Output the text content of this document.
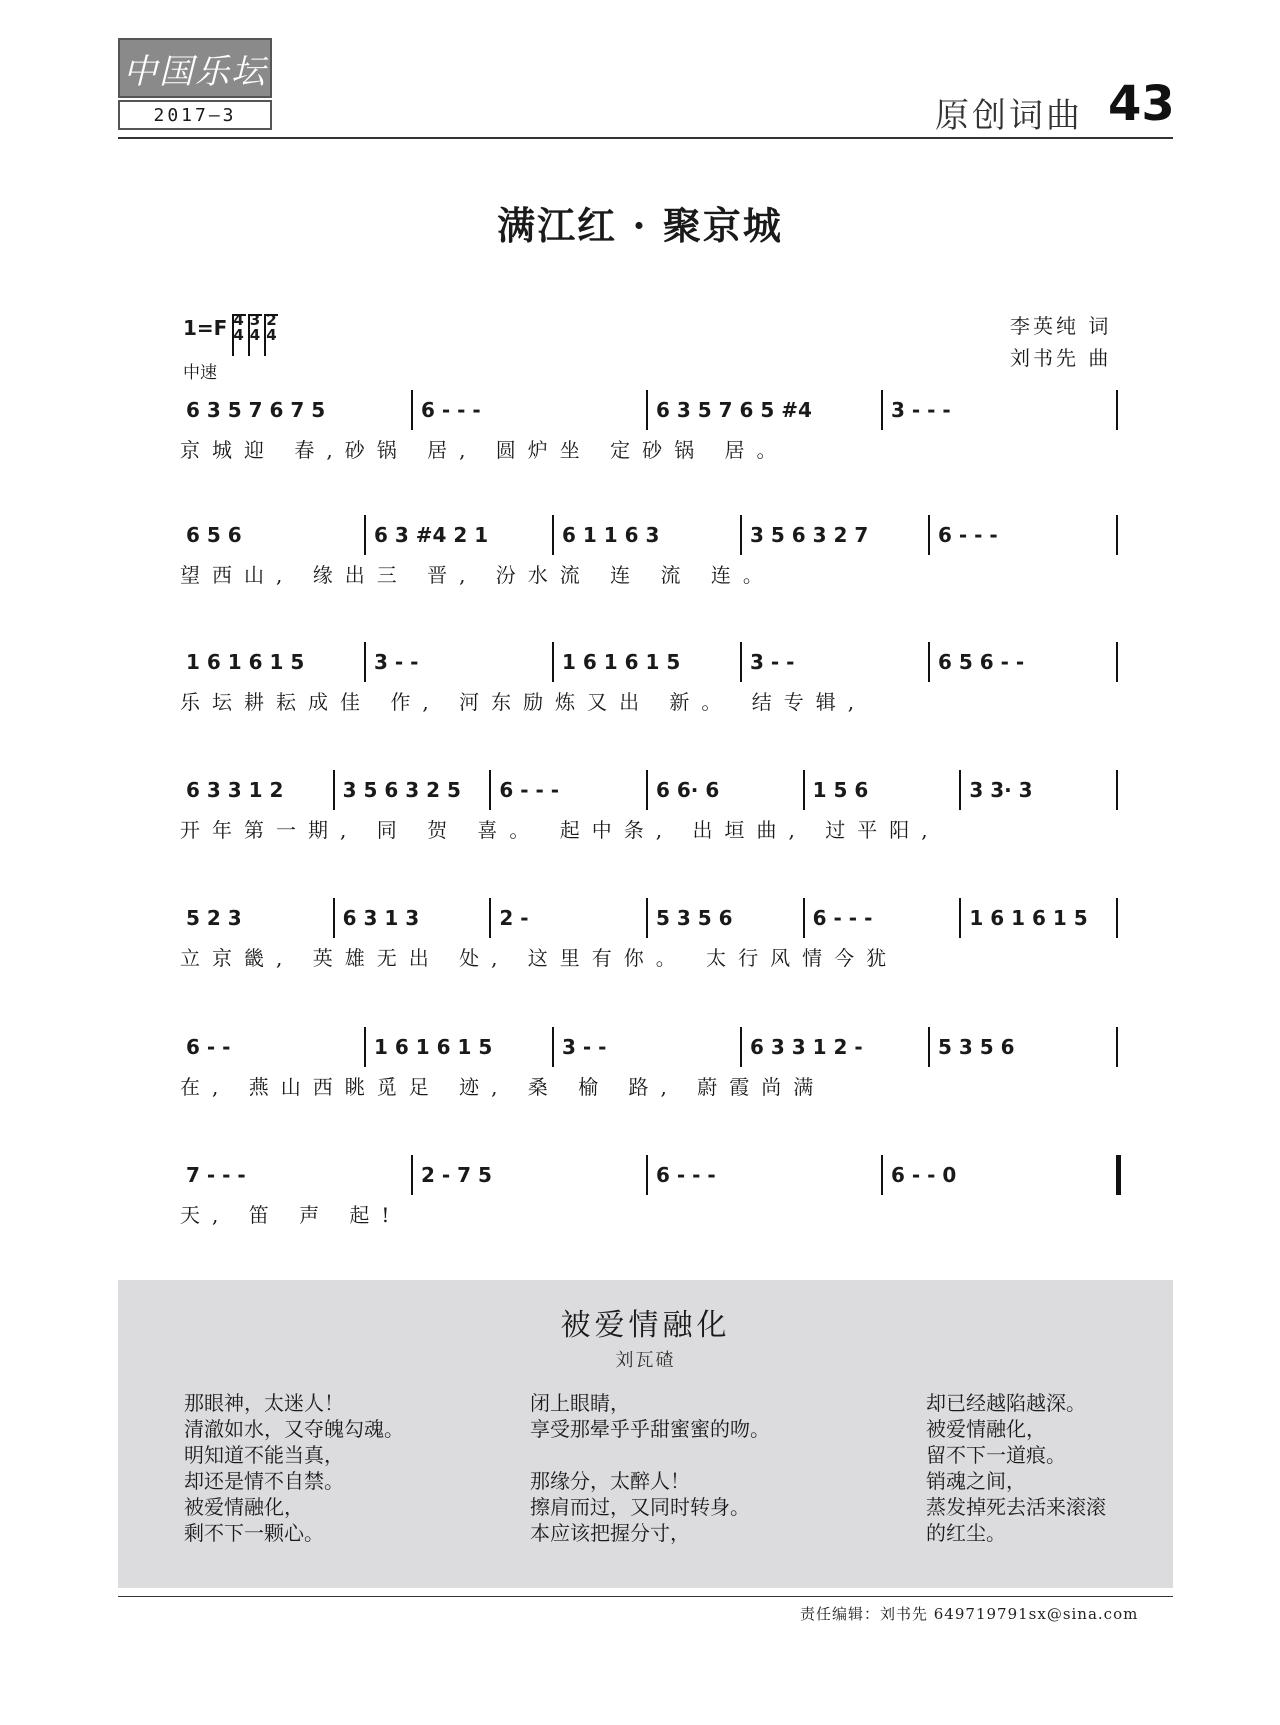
中国乐坛
2017—3	原创词曲 43
满江红 · 聚京城
1=F 4
4
3
4
2
4
中速
李英纯 词
刘书先 曲
6 3 5 7 6 7 5	6 - - -	6 3 5 7 6 5 #4	3 - - -
京城迎 春,砂锅 居, 圆炉坐 定砂锅 居。
6 5 6	6 3 #4 2 1	6 1 1 6 3	3 5 6 3 2 7	6 - - -
望西山, 缘出三 晋, 汾水流 连 流 连。
1 6 1 6 1 5	3 - -	1 6 1 6 1 5	3 - -	6 5 6 - -
乐坛耕耘成佳 作, 河东励炼又出 新。 结专辑,
6 3 3 1 2	3 5 6 3 2 5 6 - - -	6 6· 6	1 5 6	3 3· 3
开年第一期, 同 贺 喜。 起中条, 出垣曲, 过平阳,
5 2 3	6 3 1 3	2 -	5 3 5 6	6 - - -	1 6 1 6 1 5
立京畿, 英雄无出 处, 这里有你。 太行风情今犹
6 - -	1 6 1 6 1 5	3 - -	6 3 3 1 2 -	5 3 5 6
在, 燕山西眺觅足 迹, 桑 榆 路, 蔚霞尚满
7 - - -	2 - 7 5	6 - - -	6 - - 0
天, 笛 声 起!
被爱情融化
刘瓦碴
那眼神，太迷人！
清澈如水，又夺魄勾魂。
明知道不能当真，
却还是情不自禁。
被爱情融化，
剩不下一颗心。
闭上眼睛，
享受那晕乎乎甜蜜蜜的吻。
那缘分，太醉人！
擦肩而过，又同时转身。
本应该把握分寸，
却已经越陷越深。
被爱情融化，
留不下一道痕。
销魂之间，
蒸发掉死去活来滚滚
的红尘。
责任编辑：刘书先 649719791sx@sina.com
